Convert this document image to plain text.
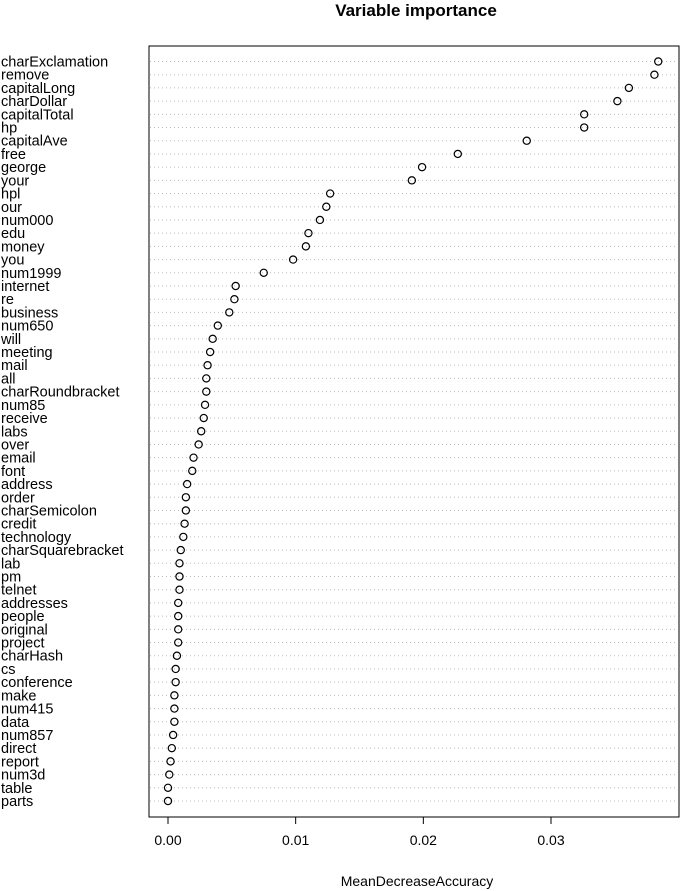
Variable importance
charExclamation
remove
capitalLong
charDollar
capitalTotal
hp
capitalAve
free
george
your
hpl
our
num000
edu
money
you
num1999
internet
re
business
num650
will
meeting
mail
all
charRoundbracket
num85
receive
labs
over
email
font
address
order
charSemicolon
credit
technology
charSquarebracket
lab
pm
telnet
addresses
people
original
project
charHash
cs
conference
make
num415
data
num857
direct
report
num3d
table
parts
0.00	0.01	0.02	0.03
MeanDecreaseAccuracy
